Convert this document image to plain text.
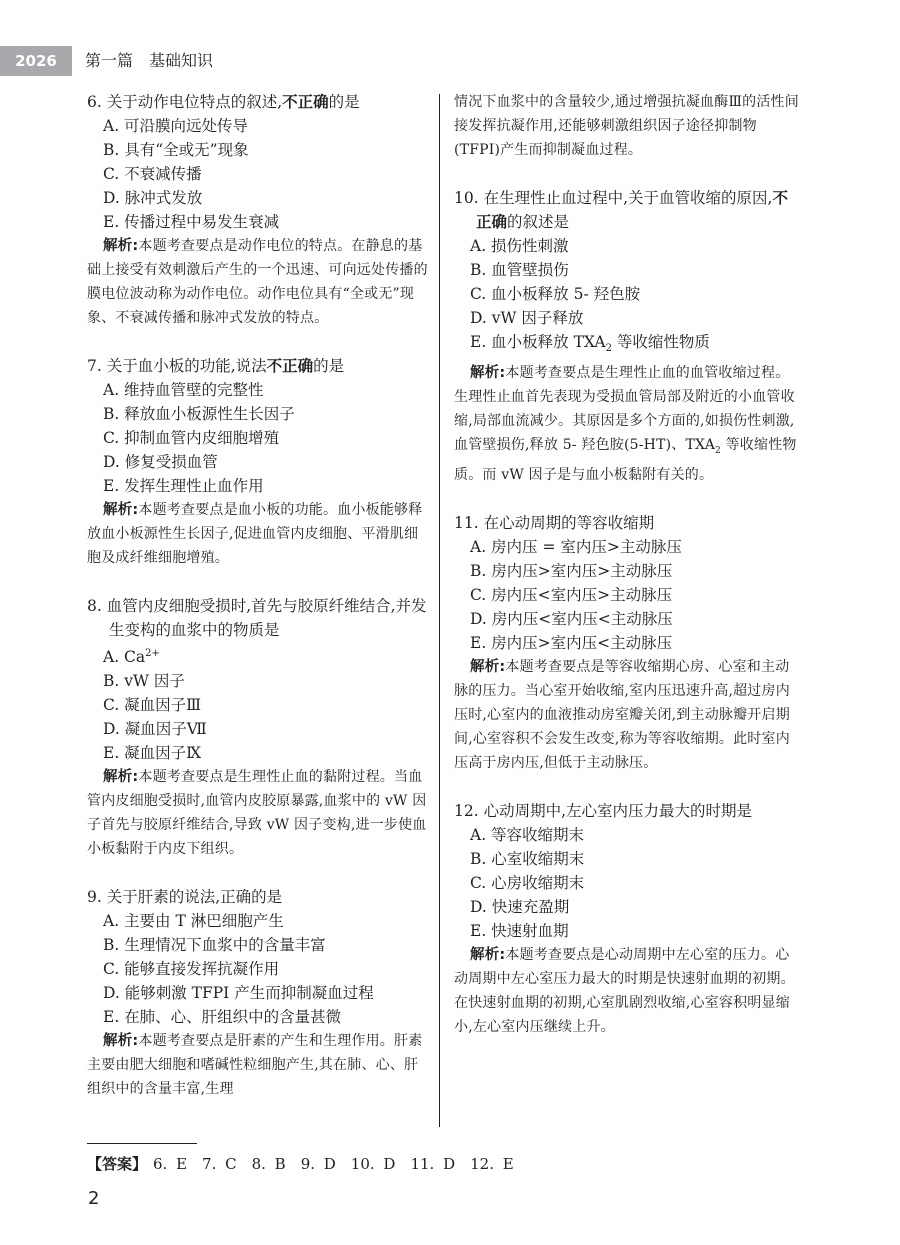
2026	第一篇　基础知识

6. 关于动作电位特点的叙述,不正确的是

A. 可沿膜向远处传导

B. 具有“全或无”现象

C. 不衰减传播

D. 脉冲式发放

E. 传播过程中易发生衰减

解析:本题考查要点是动作电位的特点。在静息的基础上接受有效刺激后产生的一个迅速、可向远处传播的膜电位波动称为动作电位。动作电位具有“全或无”现象、不衰减传播和脉冲式发放的特点。

7. 关于血小板的功能,说法不正确的是

A. 维持血管壁的完整性

B. 释放血小板源性生长因子

C. 抑制血管内皮细胞增殖

D. 修复受损血管

E. 发挥生理性止血作用

解析:本题考查要点是血小板的功能。血小板能够释放血小板源性生长因子,促进血管内皮细胞、平滑肌细胞及成纤维细胞增殖。

8. 血管内皮细胞受损时,首先与胶原纤维结合,并发生变构的血浆中的物质是

A. $Ca^{2+}$

B. vW 因子

C. 凝血因子Ⅲ

D. 凝血因子Ⅶ

E. 凝血因子Ⅸ

解析:本题考查要点是生理性止血的黏附过程。当血管内皮细胞受损时,血管内皮胶原暴露,血浆中的 vW 因子首先与胶原纤维结合,导致 vW 因子变构,进一步使血小板黏附于内皮下组织。

9. 关于肝素的说法,正确的是

A. 主要由 T 淋巴细胞产生

B. 生理情况下血浆中的含量丰富

C. 能够直接发挥抗凝作用

D. 能够刺激 TFPI 产生而抑制凝血过程

E. 在肺、心、肝组织中的含量甚微

解析:本题考查要点是肝素的产生和生理作用。肝素主要由肥大细胞和嗜碱性粒细胞产生,其在肺、心、肝组织中的含量丰富,生理

情况下血浆中的含量较少,通过增强抗凝血酶Ⅲ的活性间接发挥抗凝作用,还能够刺激组织因子途径抑制物(TFPI)产生而抑制凝血过程。

10. 在生理性止血过程中,关于血管收缩的原因,不正确的叙述是

A. 损伤性刺激

B. 血管壁损伤

C. 血小板释放 5- 羟色胺

D. vW 因子释放

E. 血小板释放 $TXA_2$ 等收缩性物质

解析:本题考查要点是生理性止血的血管收缩过程。生理性止血首先表现为受损血管局部及附近的小血管收缩,局部血流减少。其原因是多个方面的,如损伤性刺激,血管壁损伤,释放 5- 羟色胺(5-HT)、$TXA_2$ 等收缩性物质。而 vW 因子是与血小板黏附有关的。

11. 在心动周期的等容收缩期

A. 房内压 = 室内压>主动脉压

B. 房内压>室内压>主动脉压

C. 房内压<室内压>主动脉压

D. 房内压<室内压<主动脉压

E. 房内压>室内压<主动脉压

解析:本题考查要点是等容收缩期心房、心室和主动脉的压力。当心室开始收缩,室内压迅速升高,超过房内压时,心室内的血液推动房室瓣关闭,到主动脉瓣开启期间,心室容积不会发生改变,称为等容收缩期。此时室内压高于房内压,但低于主动脉压。

12. 心动周期中,左心室内压力最大的时期是

A. 等容收缩期末

B. 心室收缩期末

C. 心房收缩期末

D. 快速充盈期

E. 快速射血期

解析:本题考查要点是心动周期中左心室的压力。心动周期中左心室压力最大的时期是快速射血期的初期。在快速射血期的初期,心室肌剧烈收缩,心室容积明显缩小,左心室内压继续上升。

【答案】 6. E　7. C　8. B　9. D　10. D　11. D　12. E
2
